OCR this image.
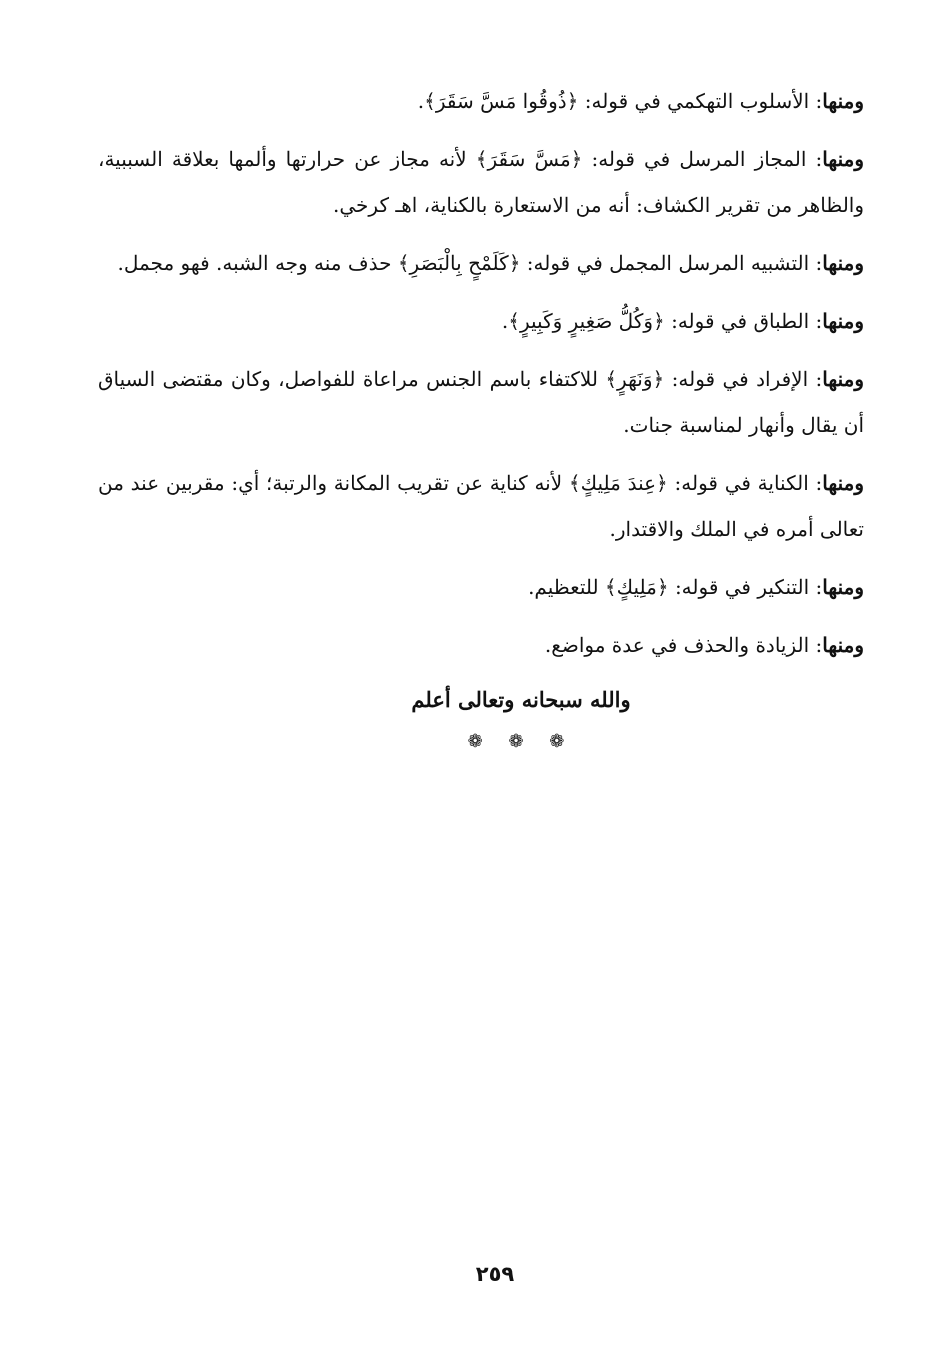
ومنها: الأسلوب التهكمي في قوله: ﴿ذُوقُوا مَسَّ سَقَرَ﴾.

ومنها: المجاز المرسل في قوله: ﴿مَسَّ سَقَرَ﴾ لأنه مجاز عن حرارتها وألمها بعلاقة السببية، والظاهر من تقرير الكشاف: أنه من الاستعارة بالكناية، اهـ كرخي.

ومنها: التشبيه المرسل المجمل في قوله: ﴿كَلَمْحٍ بِالْبَصَرِ﴾ حذف منه وجه الشبه. فهو مجمل.

ومنها: الطباق في قوله: ﴿وَكُلُّ صَغِيرٍ وَكَبِيرٍ﴾.

ومنها: الإفراد في قوله: ﴿وَنَهَرٍ﴾ للاكتفاء باسم الجنس مراعاة للفواصل، وكان مقتضى السياق أن يقال وأنهار لمناسبة جنات.

ومنها: الكناية في قوله: ﴿عِندَ مَلِيكٍ﴾ لأنه كناية عن تقريب المكانة والرتبة؛ أي: مقربين عند من تعالى أمره في الملك والاقتدار.

ومنها: التنكير في قوله: ﴿مَلِيكٍ﴾ للتعظيم.

ومنها: الزيادة والحذف في عدة مواضع.

والله سبحانه وتعالى أعلم

❁ ❁ ❁

٢٥٩
